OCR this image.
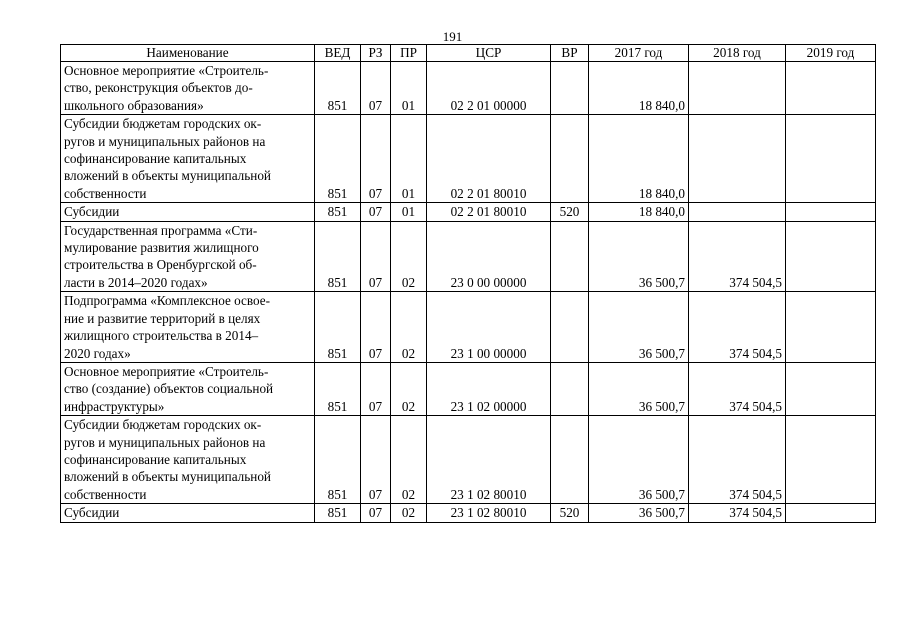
191
Наименование	ВЕД	РЗ	ПР	ЦСР	ВР	2017 год	2018 год	2019 год
Основное мероприятие «Строитель-
ство, реконструкция объектов до-
школьного образования»	851	07	01	02 2 01 00000		18 840,0		
Субсидии бюджетам городских ок-
ругов и муниципальных районов на
софинансирование капитальных
вложений в объекты муниципальной
собственности	851	07	01	02 2 01 80010		18 840,0		
Субсидии	851	07	01	02 2 01 80010	520	18 840,0		
Государственная программа «Сти-
мулирование развития жилищного
строительства в Оренбургской об-
ласти в 2014–2020 годах»	851	07	02	23 0 00 00000		36 500,7	374 504,5	
Подпрограмма «Комплексное освое-
ние и развитие территорий в целях
жилищного строительства в 2014–
2020 годах»	851	07	02	23 1 00 00000		36 500,7	374 504,5	
Основное мероприятие «Строитель-
ство (создание) объектов социальной
инфраструктуры»	851	07	02	23 1 02 00000		36 500,7	374 504,5	
Субсидии бюджетам городских ок-
ругов и муниципальных районов на
софинансирование капитальных
вложений в объекты муниципальной
собственности	851	07	02	23 1 02 80010		36 500,7	374 504,5	
Субсидии	851	07	02	23 1 02 80010	520	36 500,7	374 504,5	
